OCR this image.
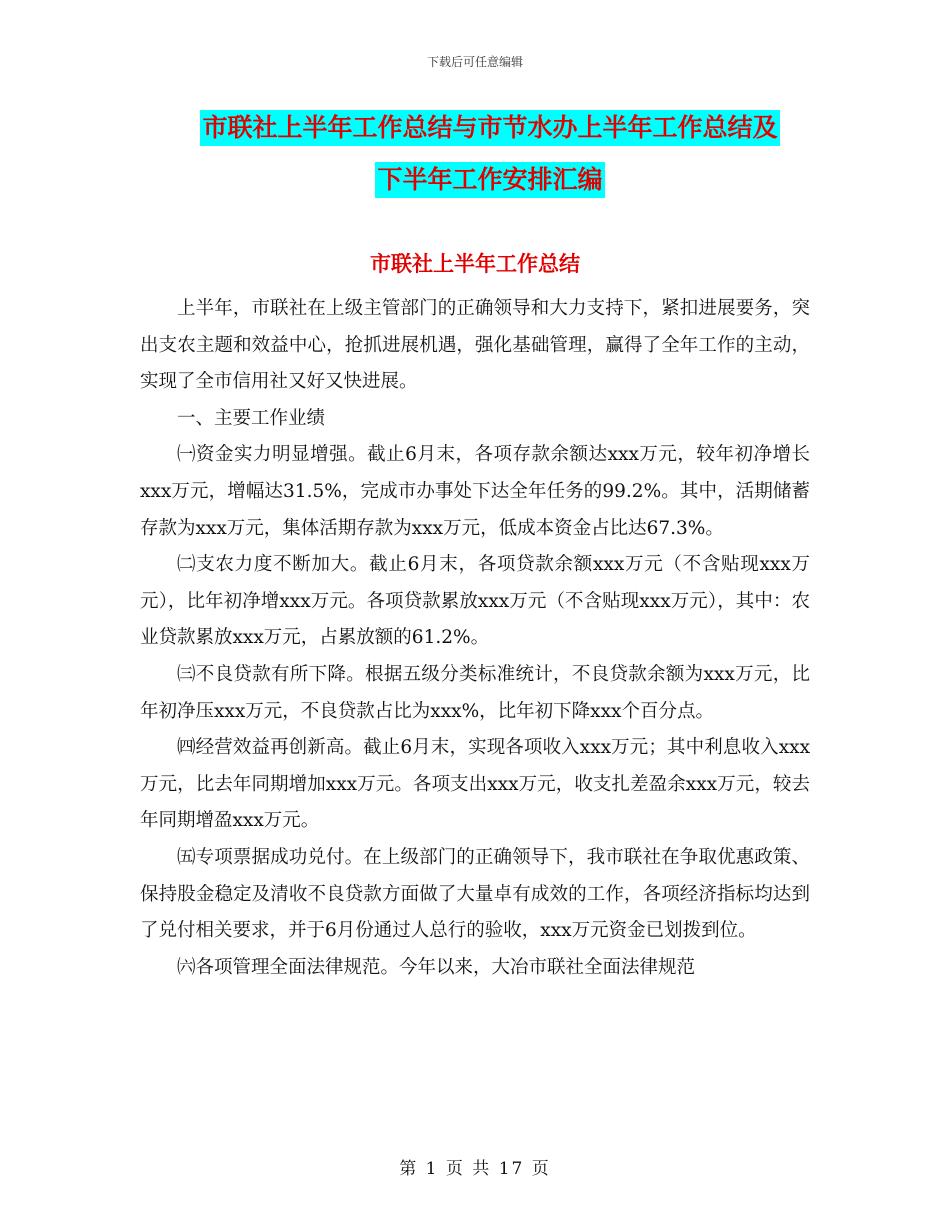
下载后可任意编辑
市联社上半年工作总结与市节水办上半年工作总结及
下半年工作安排汇编
市联社上半年工作总结

上半年，市联社在上级主管部门的正确领导和大力支持下，紧扣进展要务，突出支农主题和效益中心，抢抓进展机遇，强化基础管理，赢得了全年工作的主动，实现了全市信用社又好又快进展。

一、主要工作业绩

㈠资金实力明显增强。截止6月末，各项存款余额达xxx万元，较年初净增长xxx万元，增幅达31.5%，完成市办事处下达全年任务的99.2%。其中，活期储蓄存款为xxx万元，集体活期存款为xxx万元，低成本资金占比达67.3%。

㈡支农力度不断加大。截止6月末，各项贷款余额xxx万元（不含贴现xxx万元），比年初净增xxx万元。各项贷款累放xxx万元（不含贴现xxx万元），其中：农业贷款累放xxx万元，占累放额的61.2%。

㈢不良贷款有所下降。根据五级分类标准统计，不良贷款余额为xxx万元，比年初净压xxx万元，不良贷款占比为xxx%，比年初下降xxx个百分点。

㈣经营效益再创新高。截止6月末，实现各项收入xxx万元；其中利息收入xxx万元，比去年同期增加xxx万元。各项支出xxx万元，收支扎差盈余xxx万元，较去年同期增盈xxx万元。

㈤专项票据成功兑付。在上级部门的正确领导下，我市联社在争取优惠政策、保持股金稳定及清收不良贷款方面做了大量卓有成效的工作，各项经济指标均达到了兑付相关要求，并于6月份通过人总行的验收，xxx万元资金已划拨到位。

㈥各项管理全面法律规范。今年以来，大冶市联社全面法律规范

第 1 页 共 17 页
